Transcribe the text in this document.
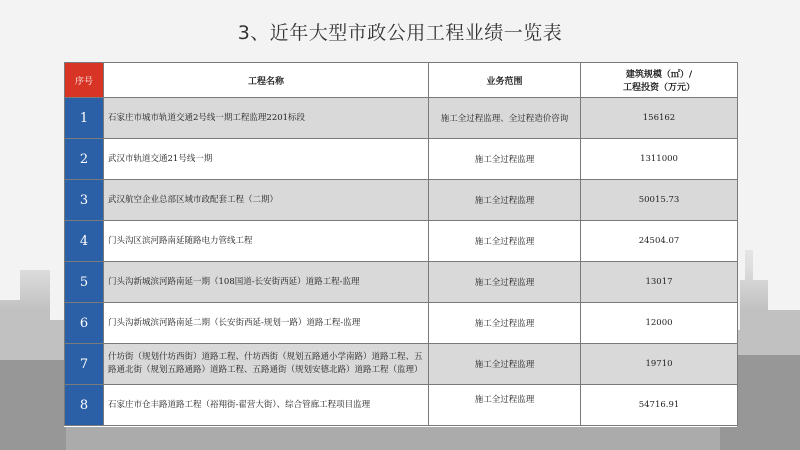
3、近年大型市政公用工程业绩一览表
序号	工程名称	业务范围	建筑规模（㎡）/
工程投资（万元）

1	石家庄市城市轨道交通2号线一期工程监理2201标段	施工全过程监理、全过程造价咨询	156162
2	武汉市轨道交通21号线一期	施工全过程监理	1311000
3	武汉航空企业总部区域市政配套工程（二期）	施工全过程监理	50015.73
4	门头沟区滨河路南延随路电力管线工程	施工全过程监理	24504.07
5	门头沟新城滨河路南延一期（108国道-长安街西延）道路工程-监理	施工全过程监理	13017
6	门头沟新城滨河路南延二期（长安街西延-规划一路）道路工程-监理	施工全过程监理	12000
7	什坊街（规划什坊西街）道路工程、什坊西街（规划五路通小学南路）道路工程、五路通北街（规划五路通路）道路工程、五路通街（规划安德北路）道路工程（监理）	施工全过程监理	19710
8	石家庄市仓丰路道路工程（裕翔街-翟营大街）、综合管廊工程项目监理	施工全过程监理	54716.91
